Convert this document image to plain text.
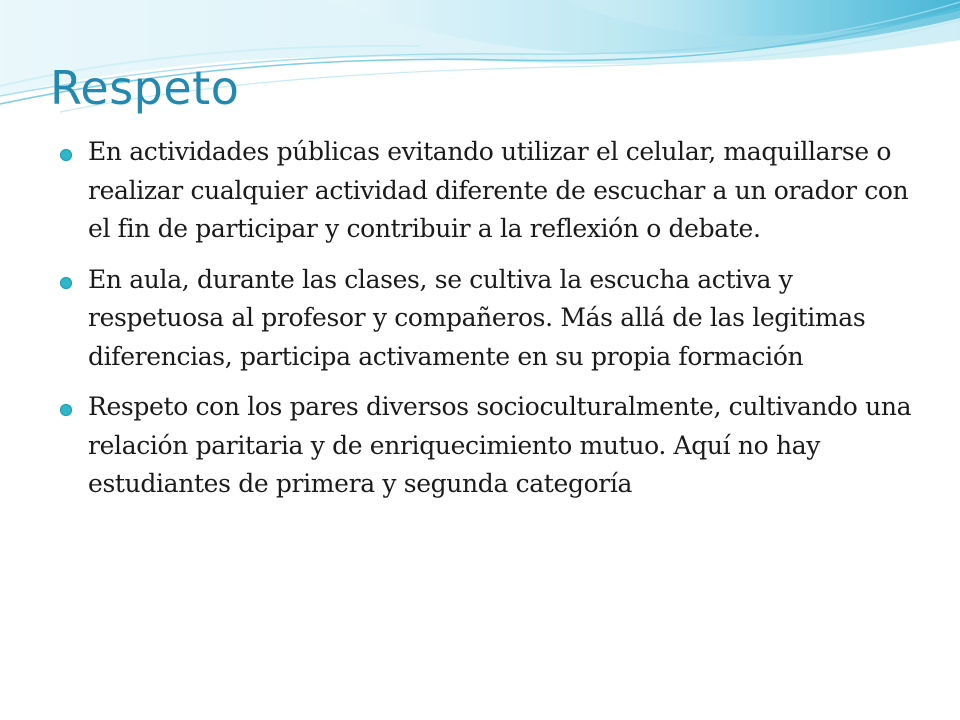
Respeto
En actividades públicas evitando utilizar el celular, maquillarse o realizar cualquier actividad diferente de escuchar a un orador con el fin de participar y contribuir a la reflexión o debate.
En aula, durante las clases, se cultiva la escucha activa y respetuosa al profesor y compañeros. Más allá de las legitimas diferencias, participa activamente en su propia formación
Respeto con los pares diversos socioculturalmente, cultivando una relación paritaria y de enriquecimiento mutuo. Aquí no hay estudiantes de primera y segunda categoría
